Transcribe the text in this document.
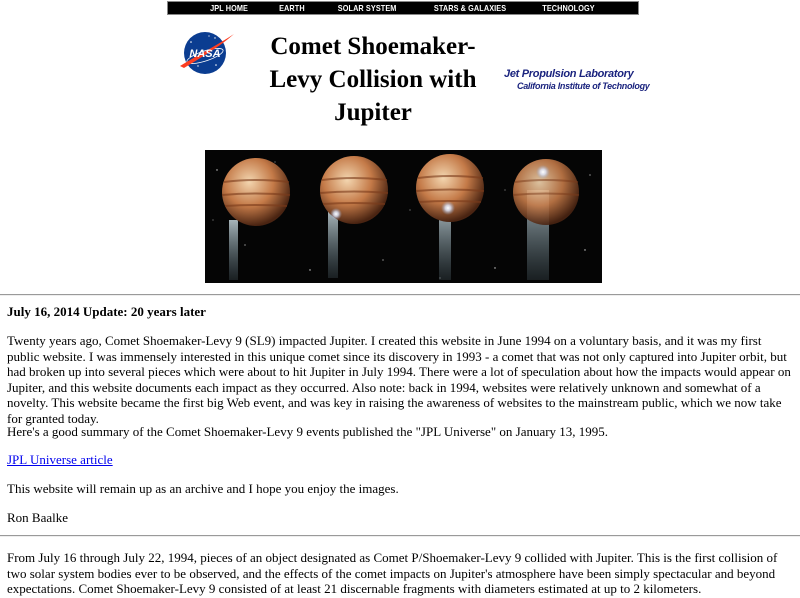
JPL HOME	EARTH	SOLAR SYSTEM	STARS & GALAXIES	TECHNOLOGY
NASA	Comet Shoemaker-Levy Collision with Jupiter
Jet Propulsion Laboratory
California Institute of Technology

July 16, 2014 Update: 20 years later

Twenty years ago, Comet Shoemaker-Levy 9 (SL9) impacted Jupiter. I created this website in June 1994 on a voluntary basis, and it was my first public website. I was immensely interested in this unique comet since its discovery in 1993 - a comet that was not only captured into Jupiter orbit, but had broken up into several pieces which were about to hit Jupiter in July 1994. There were a lot of speculation about how the impacts would appear on Jupiter, and this website documents each impact as they occurred. Also note: back in 1994, websites were relatively unknown and somewhat of a novelty. This website became the first big Web event, and was key in raising the awareness of websites to the mainstream public, which we now take for granted today.

Here's a good summary of the Comet Shoemaker-Levy 9 events published the "JPL Universe" on January 13, 1995.

JPL Universe article

This website will remain up as an archive and I hope you enjoy the images.

Ron Baalke

From July 16 through July 22, 1994, pieces of an object designated as Comet P/Shoemaker-Levy 9 collided with Jupiter. This is the first collision of two solar system bodies ever to be observed, and the effects of the comet impacts on Jupiter's atmosphere have been simply spectacular and beyond expectations. Comet Shoemaker-Levy 9 consisted of at least 21 discernable fragments with diameters estimated at up to 2 kilometers.
